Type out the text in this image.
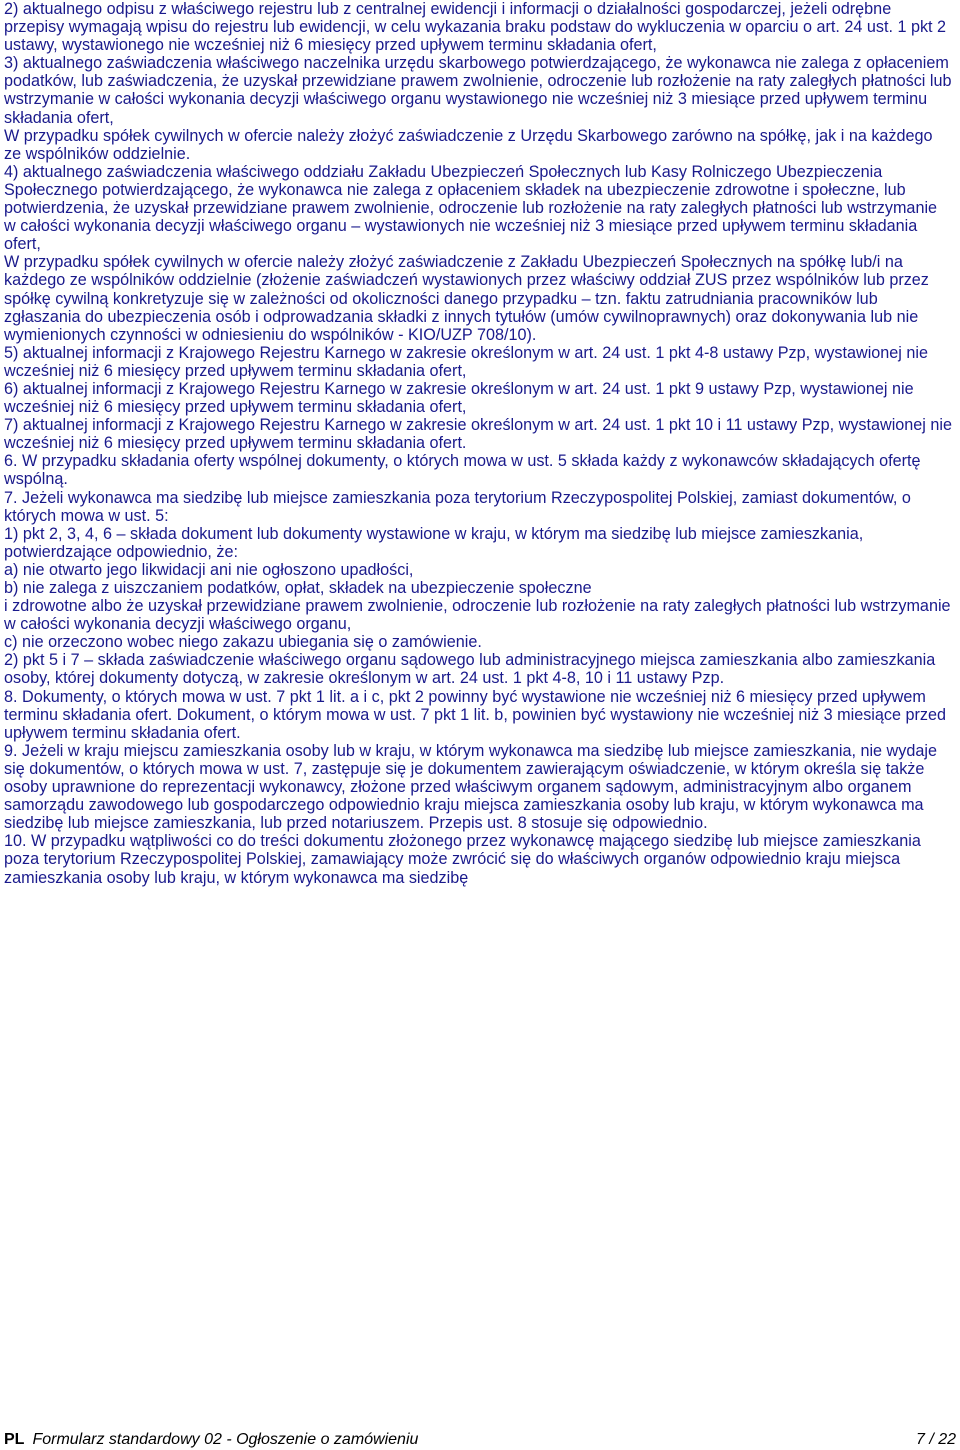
2) aktualnego odpisu z właściwego rejestru lub z centralnej ewidencji i informacji o działalności gospodarczej, jeżeli odrębne przepisy wymagają wpisu do rejestru lub ewidencji, w celu wykazania braku podstaw do wykluczenia w oparciu o art. 24 ust. 1 pkt 2 ustawy, wystawionego nie wcześniej niż 6 miesięcy przed upływem terminu składania ofert,

3) aktualnego zaświadczenia właściwego naczelnika urzędu skarbowego potwierdzającego, że wykonawca nie zalega z opłaceniem podatków, lub zaświadczenia, że uzyskał przewidziane prawem zwolnienie, odroczenie lub rozłożenie na raty zaległych płatności lub wstrzymanie w całości wykonania decyzji właściwego organu wystawionego nie wcześniej niż 3 miesiące przed upływem terminu składania ofert,

W przypadku spółek cywilnych w ofercie należy złożyć zaświadczenie z Urzędu Skarbowego zarówno na spółkę, jak i na każdego ze wspólników oddzielnie.

4) aktualnego zaświadczenia właściwego oddziału Zakładu Ubezpieczeń Społecznych lub Kasy Rolniczego Ubezpieczenia Społecznego potwierdzającego, że wykonawca nie zalega z opłaceniem składek na ubezpieczenie zdrowotne i społeczne, lub potwierdzenia, że uzyskał przewidziane prawem zwolnienie, odroczenie lub rozłożenie na raty zaległych płatności lub wstrzymanie w całości wykonania decyzji właściwego organu – wystawionych nie wcześniej niż 3 miesiące przed upływem terminu składania ofert,

W przypadku spółek cywilnych w ofercie należy złożyć zaświadczenie z Zakładu Ubezpieczeń Społecznych na spółkę lub/i na każdego ze wspólników oddzielnie (złożenie zaświadczeń wystawionych przez właściwy oddział ZUS przez wspólników lub przez spółkę cywilną konkretyzuje się w zależności od okoliczności danego przypadku – tzn. faktu zatrudniania pracowników lub zgłaszania do ubezpieczenia osób i odprowadzania składki z innych tytułów (umów cywilnoprawnych) oraz dokonywania lub nie wymienionych czynności w odniesieniu do wspólników - KIO/UZP 708/10).

5) aktualnej informacji z Krajowego Rejestru Karnego w zakresie określonym w art. 24 ust. 1 pkt 4-8 ustawy Pzp, wystawionej nie wcześniej niż 6 miesięcy przed upływem terminu składania ofert,

6) aktualnej informacji z Krajowego Rejestru Karnego w zakresie określonym w art. 24 ust. 1 pkt 9 ustawy Pzp, wystawionej nie wcześniej niż 6 miesięcy przed upływem terminu składania ofert,

7) aktualnej informacji z Krajowego Rejestru Karnego w zakresie określonym w art. 24 ust. 1 pkt 10 i 11 ustawy Pzp, wystawionej nie wcześniej niż 6 miesięcy przed upływem terminu składania ofert.

6. W przypadku składania oferty wspólnej dokumenty, o których mowa w ust. 5 składa każdy z wykonawców składających ofertę wspólną.

7. Jeżeli wykonawca ma siedzibę lub miejsce zamieszkania poza terytorium Rzeczypospolitej Polskiej, zamiast dokumentów, o których mowa w ust. 5:

1) pkt 2, 3, 4, 6 – składa dokument lub dokumenty wystawione w kraju, w którym ma siedzibę lub miejsce zamieszkania, potwierdzające odpowiednio, że:

a) nie otwarto jego likwidacji ani nie ogłoszono upadłości,

b) nie zalega z uiszczaniem podatków, opłat, składek na ubezpieczenie społeczne
i zdrowotne albo że uzyskał przewidziane prawem zwolnienie, odroczenie lub rozłożenie na raty zaległych płatności lub wstrzymanie w całości wykonania decyzji właściwego organu,

c) nie orzeczono wobec niego zakazu ubiegania się o zamówienie.

2) pkt 5 i 7 – składa zaświadczenie właściwego organu sądowego lub administracyjnego miejsca zamieszkania albo zamieszkania osoby, której dokumenty dotyczą, w zakresie określonym w art. 24 ust. 1 pkt 4-8, 10 i 11 ustawy Pzp.

8. Dokumenty, o których mowa w ust. 7 pkt 1 lit. a i c, pkt 2 powinny być wystawione nie wcześniej niż 6 miesięcy przed upływem terminu składania ofert. Dokument, o którym mowa w ust. 7 pkt 1 lit. b, powinien być wystawiony nie wcześniej niż 3 miesiące przed upływem terminu składania ofert.

9. Jeżeli w kraju miejscu zamieszkania osoby lub w kraju, w którym wykonawca ma siedzibę lub miejsce zamieszkania, nie wydaje się dokumentów, o których mowa w ust. 7, zastępuje się je dokumentem zawierającym oświadczenie, w którym określa się także osoby uprawnione do reprezentacji wykonawcy, złożone przed właściwym organem sądowym, administracyjnym albo organem samorządu zawodowego lub gospodarczego odpowiednio kraju miejsca zamieszkania osoby lub kraju, w którym wykonawca ma siedzibę lub miejsce zamieszkania, lub przed notariuszem. Przepis ust. 8 stosuje się odpowiednio.

10. W przypadku wątpliwości co do treści dokumentu złożonego przez wykonawcę mającego siedzibę lub miejsce zamieszkania poza terytorium Rzeczypospolitej Polskiej, zamawiający może zwrócić się do właściwych organów odpowiednio kraju miejsca zamieszkania osoby lub kraju, w którym wykonawca ma siedzibę

PL Formularz standardowy 02 - Ogłoszenie o zamówieniu	7 / 22
